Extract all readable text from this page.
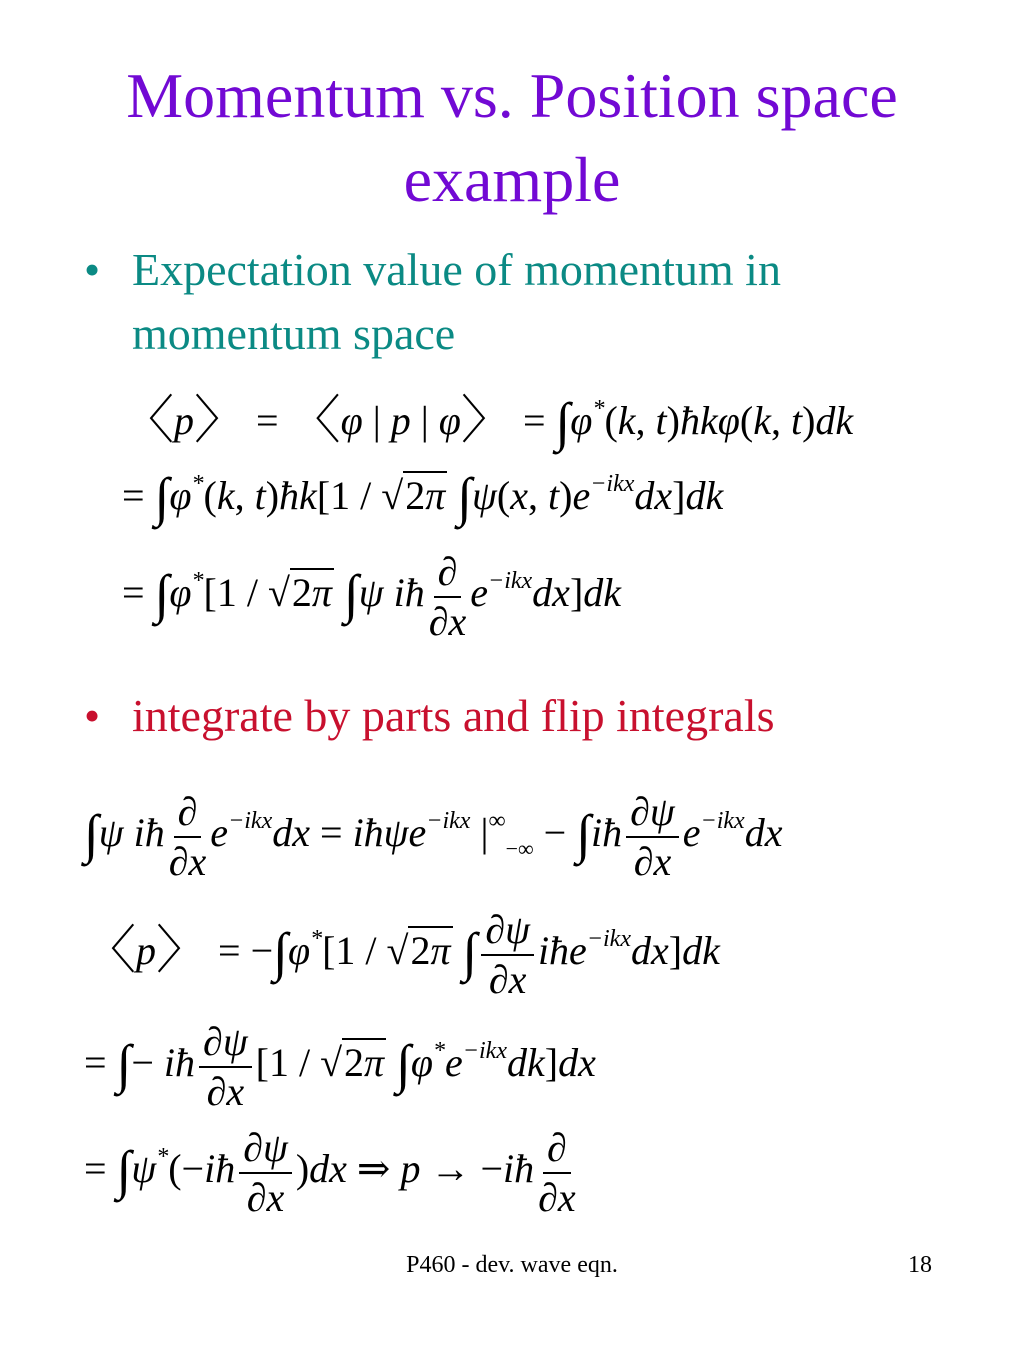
Momentum vs. Position space
example
• Expectation value of momentum in
momentum space
〈p〉 = 〈φ | p | φ〉 = ∫φ*(k, t)ħkφ(k, t)dk
= ∫φ*(k, t)ħk[1 / √2π ∫ψ(x, $t)e^{-ikx}dx]dk$
= ∫φ*[1 / √2π ∫ψ iħ $\frac{\partial}{\partial x} e^{-ikx}dx]dk$
• integrate by parts and flip integrals
∫ψ iħ $\frac{\partial}{\partial x} e^{-ikx}dx$ = iħψe$^{-ikx}$ $|^\infty_{-\infty}$ − ∫iħ $\frac{\partial\psi}{\partial x} e^{-ikx}dx$
〈p〉 = −∫φ*[1 / √2π ∫ $\frac{\partial\psi}{\partial x}$ iħe$^{-ikx}$dx]dk
= ∫− iħ $\frac{\partial\psi}{\partial x} [1 / √2\pi$ $\int\varphi^*e^{-ikx}dk]dx$
= ∫ψ*(−iħ $\frac{\partial\psi}{\partial x} )dx$ ⇒ p → −iħ $\frac{\partial}{\partial x}$
P460 - dev. wave eqn.	18
